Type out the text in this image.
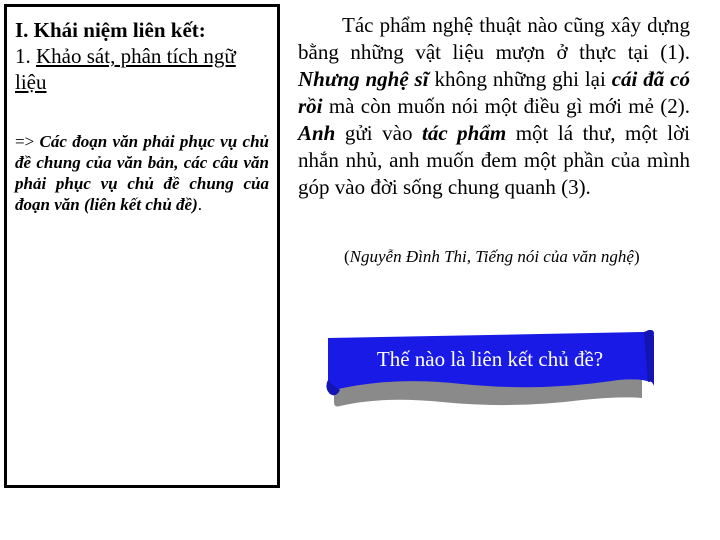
I. Khái niệm liên kết:
1. Khảo sát, phân tích ngữ liệu
=> Các đoạn văn phải phục vụ chủ đề chung của văn bản, các câu văn phải phục vụ chủ đề chung của đoạn văn (liên kết chủ đề).
Tác phẩm nghệ thuật nào cũng xây dựng bằng những vật liệu mượn ở thực tại (1). Nhưng nghệ sĩ không những ghi lại cái đã có rồi mà còn muốn nói một điều gì mới mẻ (2). Anh gửi vào tác phẩm một lá thư, một lời nhắn nhủ, anh muốn đem một phần của mình góp vào đời sống chung quanh (3).
(Nguyễn Đình Thi, Tiếng nói của văn nghệ)
Thế nào là liên kết chủ đề?
